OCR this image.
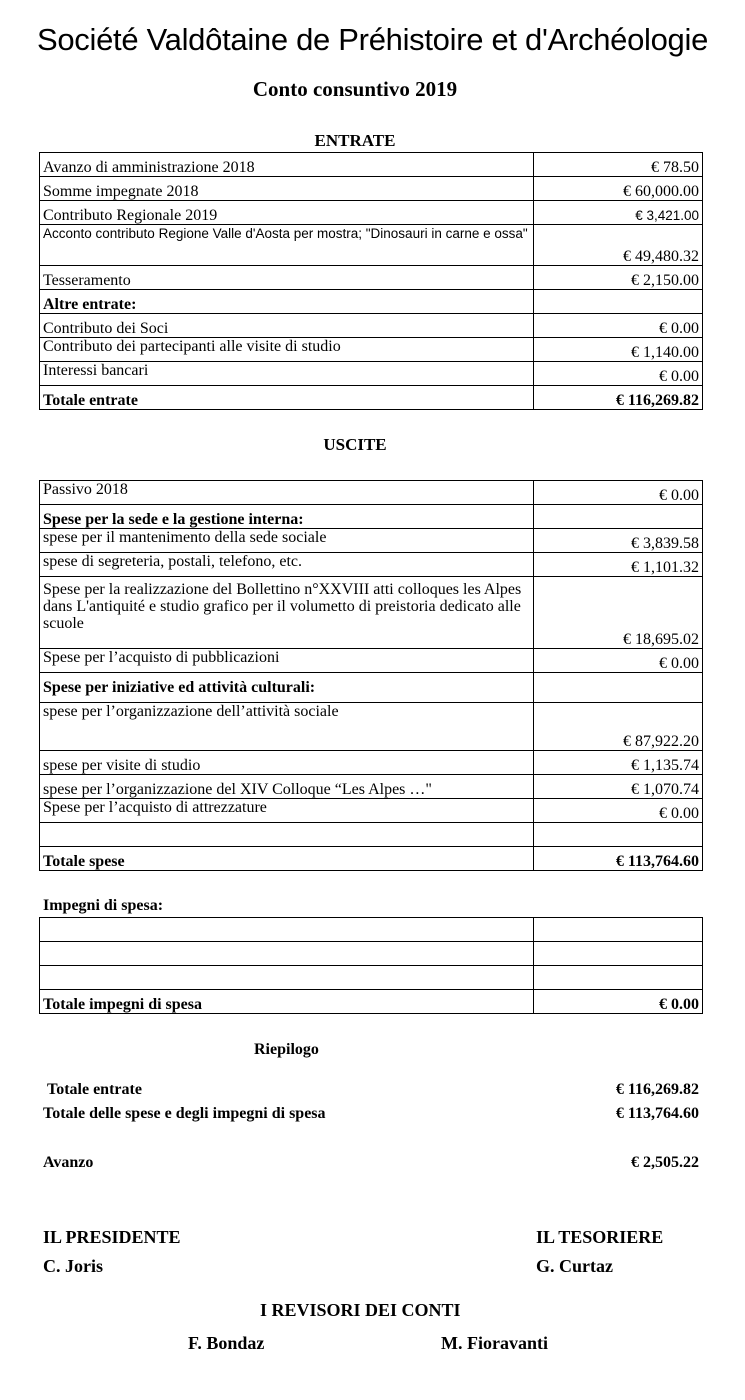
Société Valdôtaine de Préhistoire et d'Archéologie
Conto consuntivo 2019
ENTRATE
Avanzo di amministrazione 2018	€ 78.50
Somme impegnate 2018	€ 60,000.00
Contributo Regionale 2019	€ 3,421.00
Acconto contributo Regione Valle d'Aosta per mostra; "Dinosauri in carne e ossa"	€ 49,480.32
Tesseramento	€ 2,150.00
Altre entrate:	
Contributo dei Soci	€ 0.00
Contributo dei partecipanti alle visite di studio	€ 1,140.00
Interessi bancari	€ 0.00
Totale entrate	€ 116,269.82
USCITE
Passivo 2018	€ 0.00
Spese per la sede e la gestione interna:	
spese per il mantenimento della sede sociale	€ 3,839.58
spese di segreteria, postali, telefono, etc.	€ 1,101.32
Spese per la realizzazione del Bollettino n°XXVIII atti colloques les Alpes dans L'antiquité e studio grafico per il volumetto di preistoria dedicato alle scuole	€ 18,695.02
Spese per l’acquisto di pubblicazioni	€ 0.00
Spese per iniziative ed attività culturali:	
spese per l’organizzazione dell’attività sociale	€ 87,922.20
spese per visite di studio	€ 1,135.74
spese per l’organizzazione del XIV Colloque “Les Alpes …"	€ 1,070.74
Spese per l’acquisto di attrezzature	€ 0.00

Totale spese	€ 113,764.60
Impegni di spesa:

Totale impegni di spesa	€ 0.00
Riepilogo
Totale entrate	€ 116,269.82
Totale delle spese e degli impegni di spesa	€ 113,764.60
Avanzo	€ 2,505.22
IL PRESIDENTE
C. Joris
IL TESORIERE
G. Curtaz
I REVISORI DEI CONTI
F. Bondaz	M. Fioravanti
